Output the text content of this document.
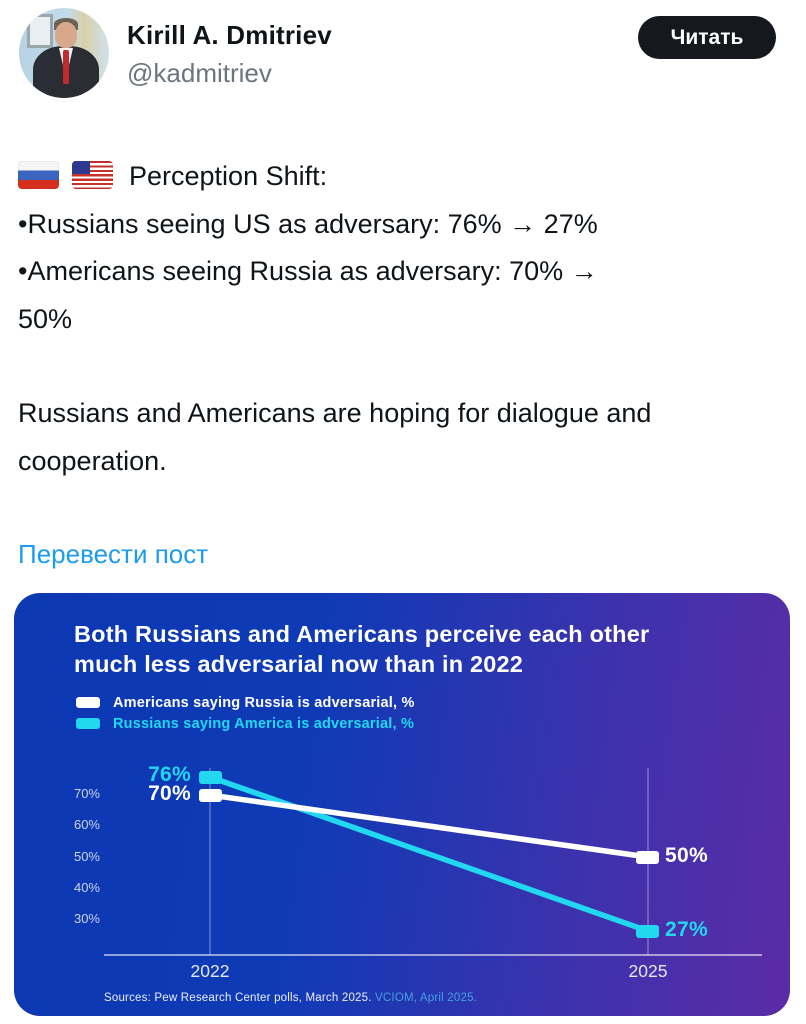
Kirill A. Dmitriev
@kadmitriev
Читать
Perception Shift:
•Russians seeing US as adversary: 76% → 27%
•Americans seeing Russia as adversary: 70% →
50%
Russians and Americans are hoping for dialogue and cooperation.
Перевести пост
Both Russians and Americans perceive each other
much less adversarial now than in 2022
Americans saying Russia is adversarial, %
Russians saying America is adversarial, %
70%
60%
50%
40%
30%
2022	2025
76%
70%
50%
27%
Sources: Pew Research Center polls, March 2025. VCIOM, April 2025.
